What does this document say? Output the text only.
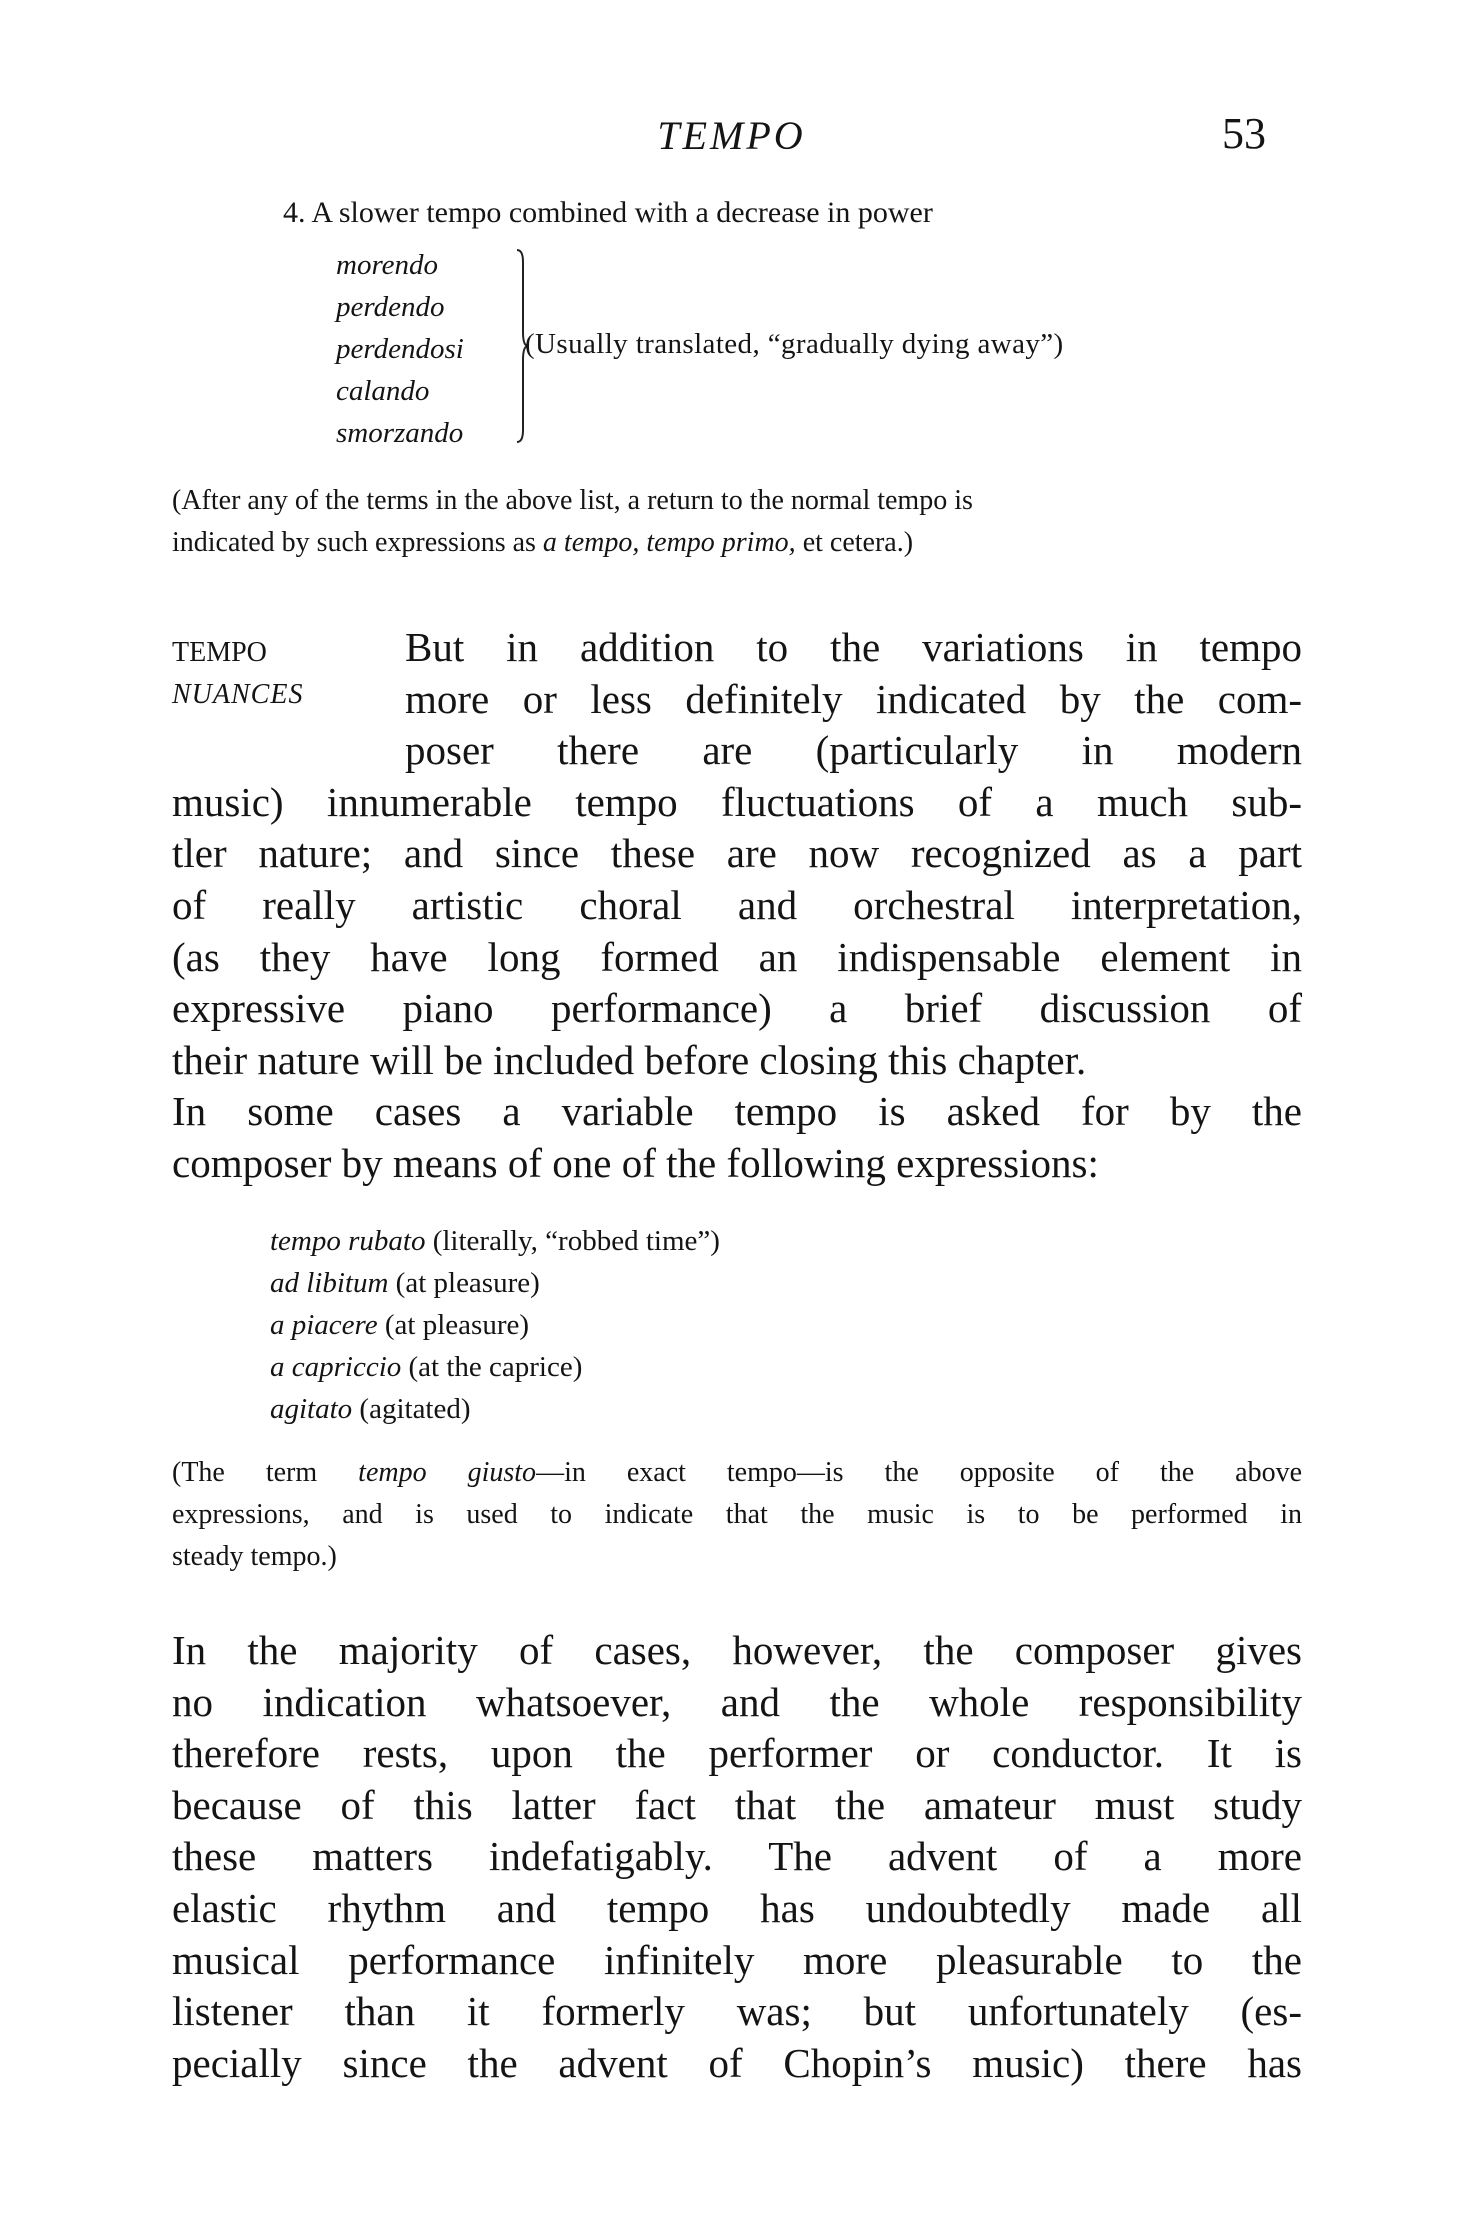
TEMPO	53
4. A slower tempo combined with a decrease in power
morendo
perdendo
perdendosi
calando
smorzando
(Usually translated, “gradually dying away”)
(After any of the terms in the above list, a return to the normal tempo is
indicated by such expressions as a tempo, tempo primo, et cetera.)
TEMPO
NUANCES
But in addition to the variations in tempo
more or less definitely indicated by the com-
poser there are (particularly in modern
music) innumerable tempo fluctuations of a much sub-
tler nature; and since these are now recognized as a part
of really artistic choral and orchestral interpretation,
(as they have long formed an indispensable element in
expressive piano performance) a brief discussion of
their nature will be included before closing this chapter.
In some cases a variable tempo is asked for by the
composer by means of one of the following expressions:
tempo rubato (literally, “robbed time”)
ad libitum (at pleasure)
a piacere (at pleasure)
a capriccio (at the caprice)
agitato (agitated)
(The term tempo giusto—in exact tempo—is the opposite of the above
expressions, and is used to indicate that the music is to be performed in
steady tempo.)
In the majority of cases, however, the composer gives
no indication whatsoever, and the whole responsibility
therefore rests, upon the performer or conductor. It is
because of this latter fact that the amateur must study
these matters indefatigably. The advent of a more
elastic rhythm and tempo has undoubtedly made all
musical performance infinitely more pleasurable to the
listener than it formerly was; but unfortunately (es-
pecially since the advent of Chopin’s music) there has
